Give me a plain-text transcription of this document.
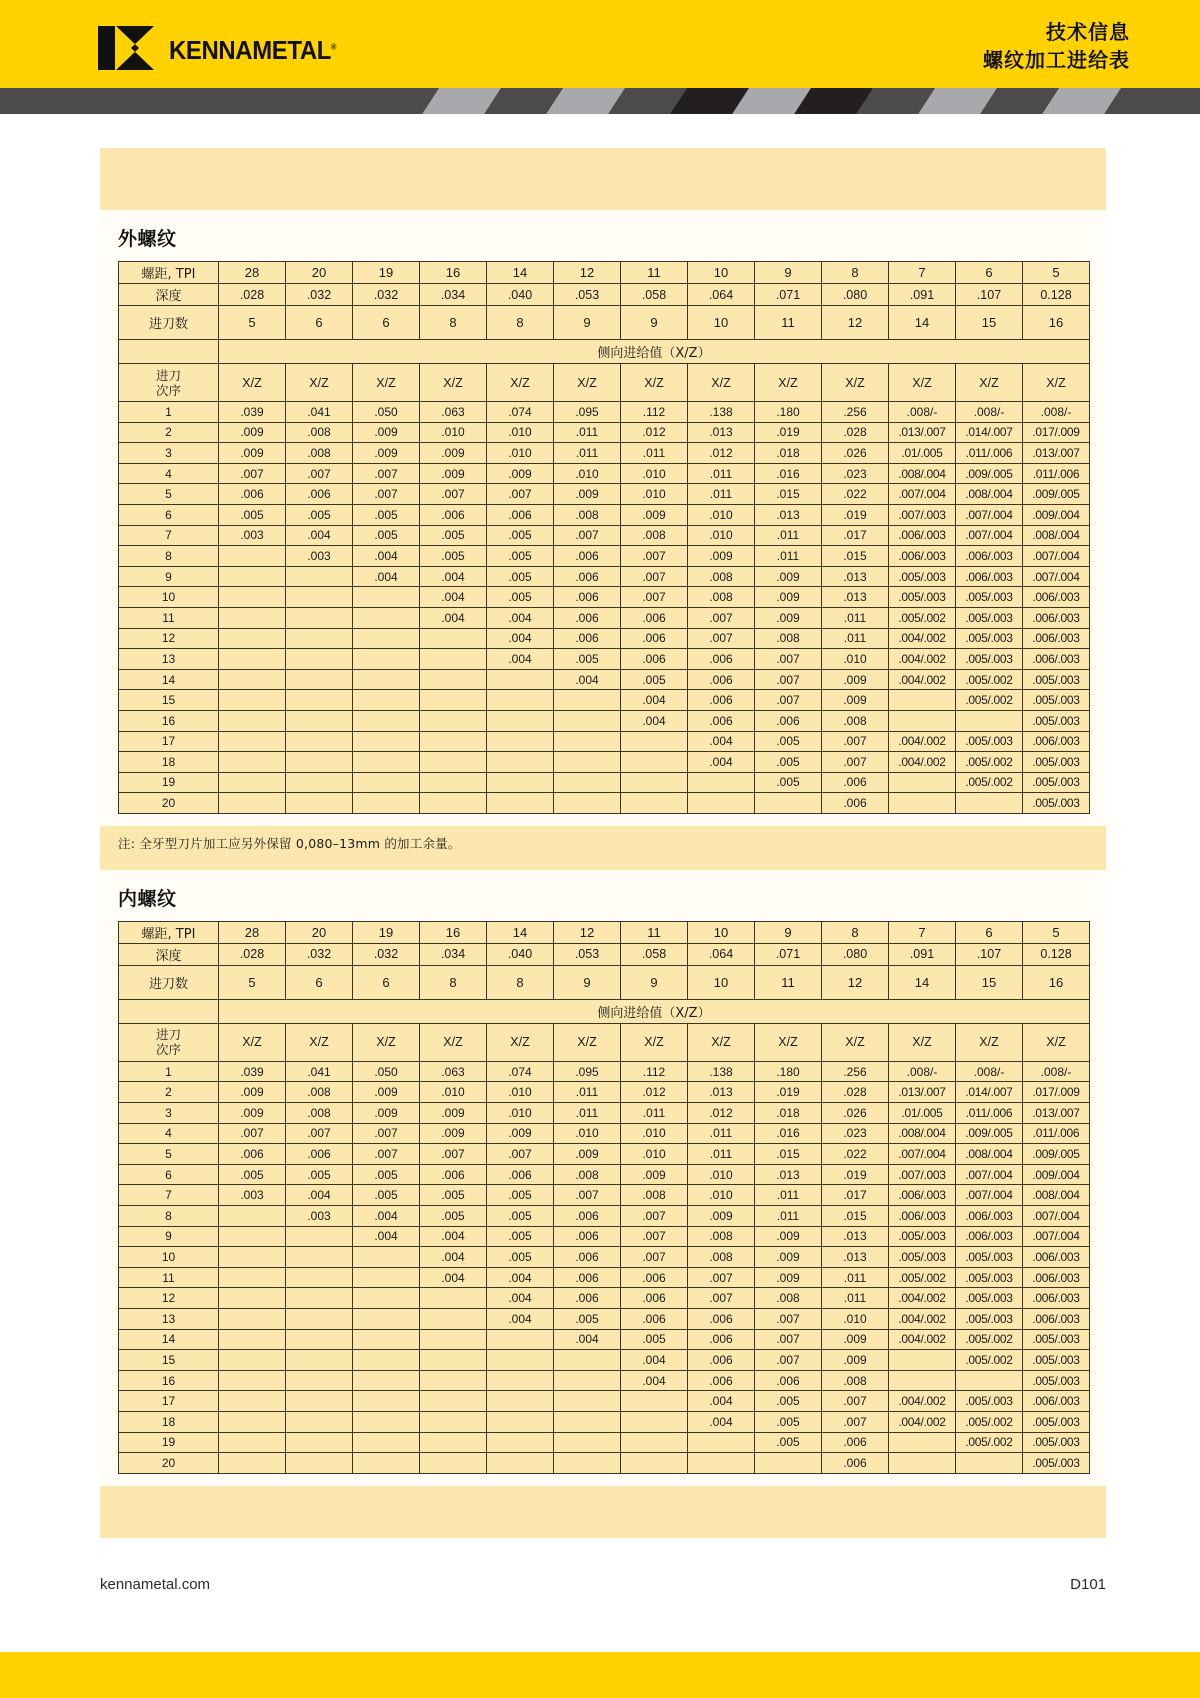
KENNAMETAL®
技术信息
螺纹加工进给表
外螺纹
螺距, TPI	28	20	19	16	14	12	11	10	9	8	7	6	5
深度	.028	.032	.032	.034	.040	.053	.058	.064	.071	.080	.091	.107	0.128
进刀数	5	6	6	8	8	9	9	10	11	12	14	15	16
	侧向进给值（X/Z）												
进刀
次序	X/Z	X/Z	X/Z	X/Z	X/Z	X/Z	X/Z	X/Z	X/Z	X/Z	X/Z	X/Z	X/Z
1	.039	.041	.050	.063	.074	.095	.112	.138	.180	.256	.008/-	.008/-	.008/-
2	.009	.008	.009	.010	.010	.011	.012	.013	.019	.028	.013/.007	.014/.007	.017/.009
3	.009	.008	.009	.009	.010	.011	.011	.012	.018	.026	.01/.005	.011/.006	.013/.007
4	.007	.007	.007	.009	.009	.010	.010	.011	.016	.023	.008/.004	.009/.005	.011/.006
5	.006	.006	.007	.007	.007	.009	.010	.011	.015	.022	.007/.004	.008/.004	.009/.005
6	.005	.005	.005	.006	.006	.008	.009	.010	.013	.019	.007/.003	.007/.004	.009/.004
7	.003	.004	.005	.005	.005	.007	.008	.010	.011	.017	.006/.003	.007/.004	.008/.004
8		.003	.004	.005	.005	.006	.007	.009	.011	.015	.006/.003	.006/.003	.007/.004
9			.004	.004	.005	.006	.007	.008	.009	.013	.005/.003	.006/.003	.007/.004
10				.004	.005	.006	.007	.008	.009	.013	.005/.003	.005/.003	.006/.003
11				.004	.004	.006	.006	.007	.009	.011	.005/.002	.005/.003	.006/.003
12					.004	.006	.006	.007	.008	.011	.004/.002	.005/.003	.006/.003
13					.004	.005	.006	.006	.007	.010	.004/.002	.005/.003	.006/.003
14						.004	.005	.006	.007	.009	.004/.002	.005/.002	.005/.003
15							.004	.006	.007	.009		.005/.002	.005/.003
16							.004	.006	.006	.008			.005/.003
17								.004	.005	.007	.004/.002	.005/.003	.006/.003
18								.004	.005	.007	.004/.002	.005/.002	.005/.003
19									.005	.006		.005/.002	.005/.003
20										.006			.005/.003
注: 全牙型刀片加工应另外保留 0,080–13mm 的加工余量。
内螺纹
螺距, TPI	28	20	19	16	14	12	11	10	9	8	7	6	5
深度	.028	.032	.032	.034	.040	.053	.058	.064	.071	.080	.091	.107	0.128
进刀数	5	6	6	8	8	9	9	10	11	12	14	15	16
	侧向进给值（X/Z）												
进刀
次序	X/Z	X/Z	X/Z	X/Z	X/Z	X/Z	X/Z	X/Z	X/Z	X/Z	X/Z	X/Z	X/Z
1	.039	.041	.050	.063	.074	.095	.112	.138	.180	.256	.008/-	.008/-	.008/-
2	.009	.008	.009	.010	.010	.011	.012	.013	.019	.028	.013/.007	.014/.007	.017/.009
3	.009	.008	.009	.009	.010	.011	.011	.012	.018	.026	.01/.005	.011/.006	.013/.007
4	.007	.007	.007	.009	.009	.010	.010	.011	.016	.023	.008/.004	.009/.005	.011/.006
5	.006	.006	.007	.007	.007	.009	.010	.011	.015	.022	.007/.004	.008/.004	.009/.005
6	.005	.005	.005	.006	.006	.008	.009	.010	.013	.019	.007/.003	.007/.004	.009/.004
7	.003	.004	.005	.005	.005	.007	.008	.010	.011	.017	.006/.003	.007/.004	.008/.004
8		.003	.004	.005	.005	.006	.007	.009	.011	.015	.006/.003	.006/.003	.007/.004
9			.004	.004	.005	.006	.007	.008	.009	.013	.005/.003	.006/.003	.007/.004
10				.004	.005	.006	.007	.008	.009	.013	.005/.003	.005/.003	.006/.003
11				.004	.004	.006	.006	.007	.009	.011	.005/.002	.005/.003	.006/.003
12					.004	.006	.006	.007	.008	.011	.004/.002	.005/.003	.006/.003
13					.004	.005	.006	.006	.007	.010	.004/.002	.005/.003	.006/.003
14						.004	.005	.006	.007	.009	.004/.002	.005/.002	.005/.003
15							.004	.006	.007	.009		.005/.002	.005/.003
16							.004	.006	.006	.008			.005/.003
17								.004	.005	.007	.004/.002	.005/.003	.006/.003
18								.004	.005	.007	.004/.002	.005/.002	.005/.003
19									.005	.006		.005/.002	.005/.003
20										.006			.005/.003
kennametal.com	D101
